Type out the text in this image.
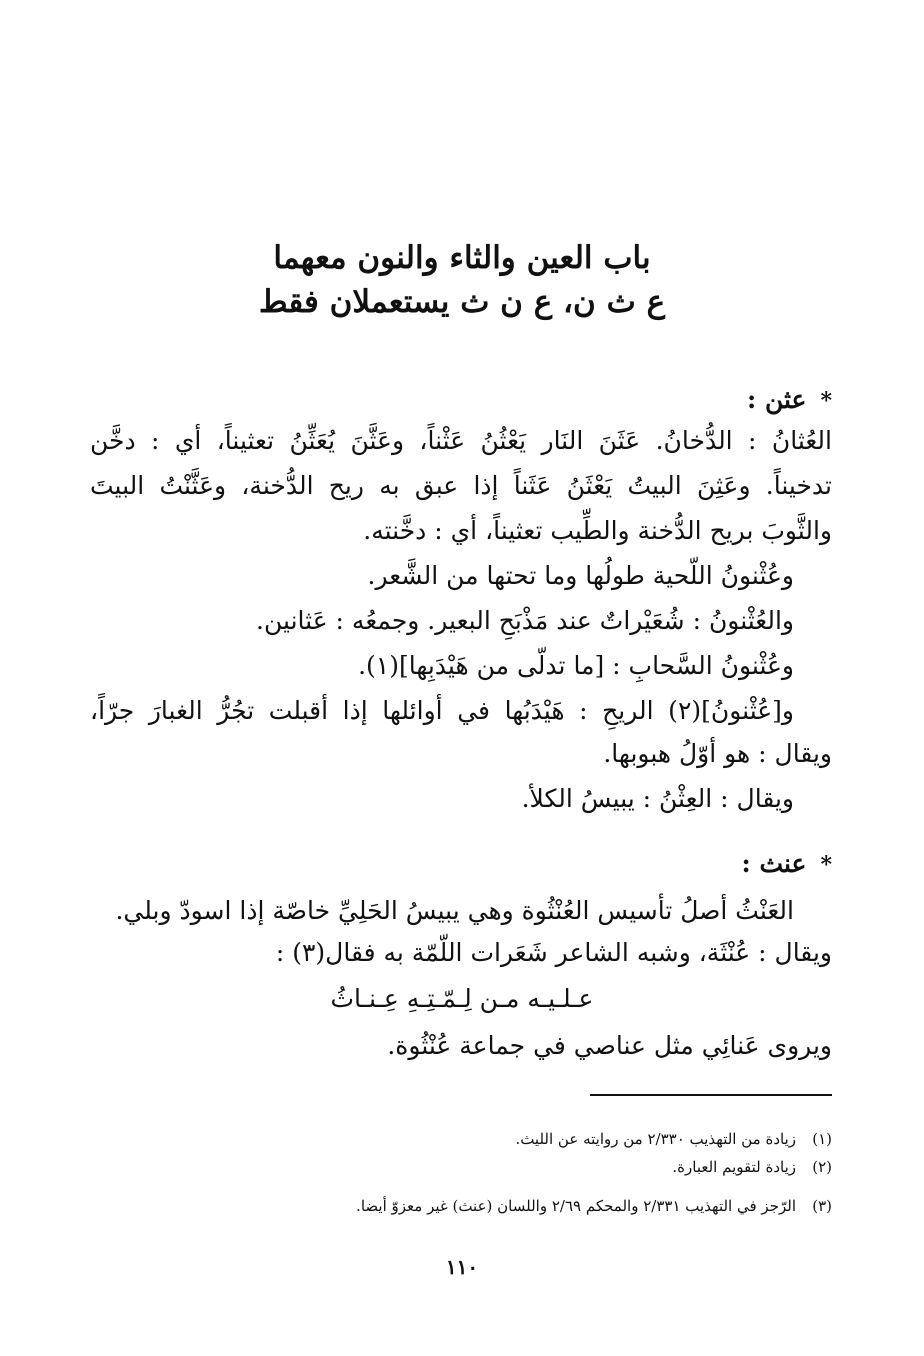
باب العين والثاء والنون معهما
ع ث ن، ع ن ث يستعملان فقط
*عثن :
العُثانُ : الدُّخانُ. عَثَنَ النَار يَعْثُنُ عَثْناً، وعَثَّنَ يُعَثِّنُ تعثيناً، أي : دخَّن
تدخيناً. وعَثِنَ البيتُ يَعْثَنُ عَثَناً إذا عبق به ريح الدُّخنة، وعَثَّنْتُ البيتَ
والثَّوبَ بريح الدُّخنة والطِّيب تعثيناً، أي : دخَّنته.
وعُثْنونُ اللّحية طولُها وما تحتها من الشَّعر.
والعُثْنونُ : شُعَيْراتٌ عند مَذْبَحِ البعير. وجمعُه : عَثانين.
وعُثْنونُ السَّحابِ : [ما تدلّى من هَيْدَبِها](١).
و[عُثْنونُ](٢) الريحِ : هَيْدَبُها في أوائلها إذا أقبلت تجُرُّ الغبارَ جرّاً،
ويقال : هو أوّلُ هبوبها.
ويقال : العِثْنُ : يبيسُ الكلأ.
*عنث :
العَنْثُ أصلُ تأسيس العُنْثُوة وهي يبيسُ الحَلِيِّ خاصّة إذا اسودّ وبلي.
ويقال : عُنْثَة، وشبه الشاعر شَعَرات اللّمّة به فقال(٣) :
عـلـيـه مـن لِـمّـتِـهِ عِـنـاثُ
ويروى عَنائِي مثل عناصي في جماعة عُنْثُوة.
(١)زيادة من التهذيب ٢/٣٣٠ من روايته عن الليث.
(٢)زيادة لتقويم العبارة.
(٣)الرّجز في التهذيب ٢/٣٣١ والمحكم ٢/٦٩ واللسان (عنث) غير معزوّ أيضا.
١١٠
